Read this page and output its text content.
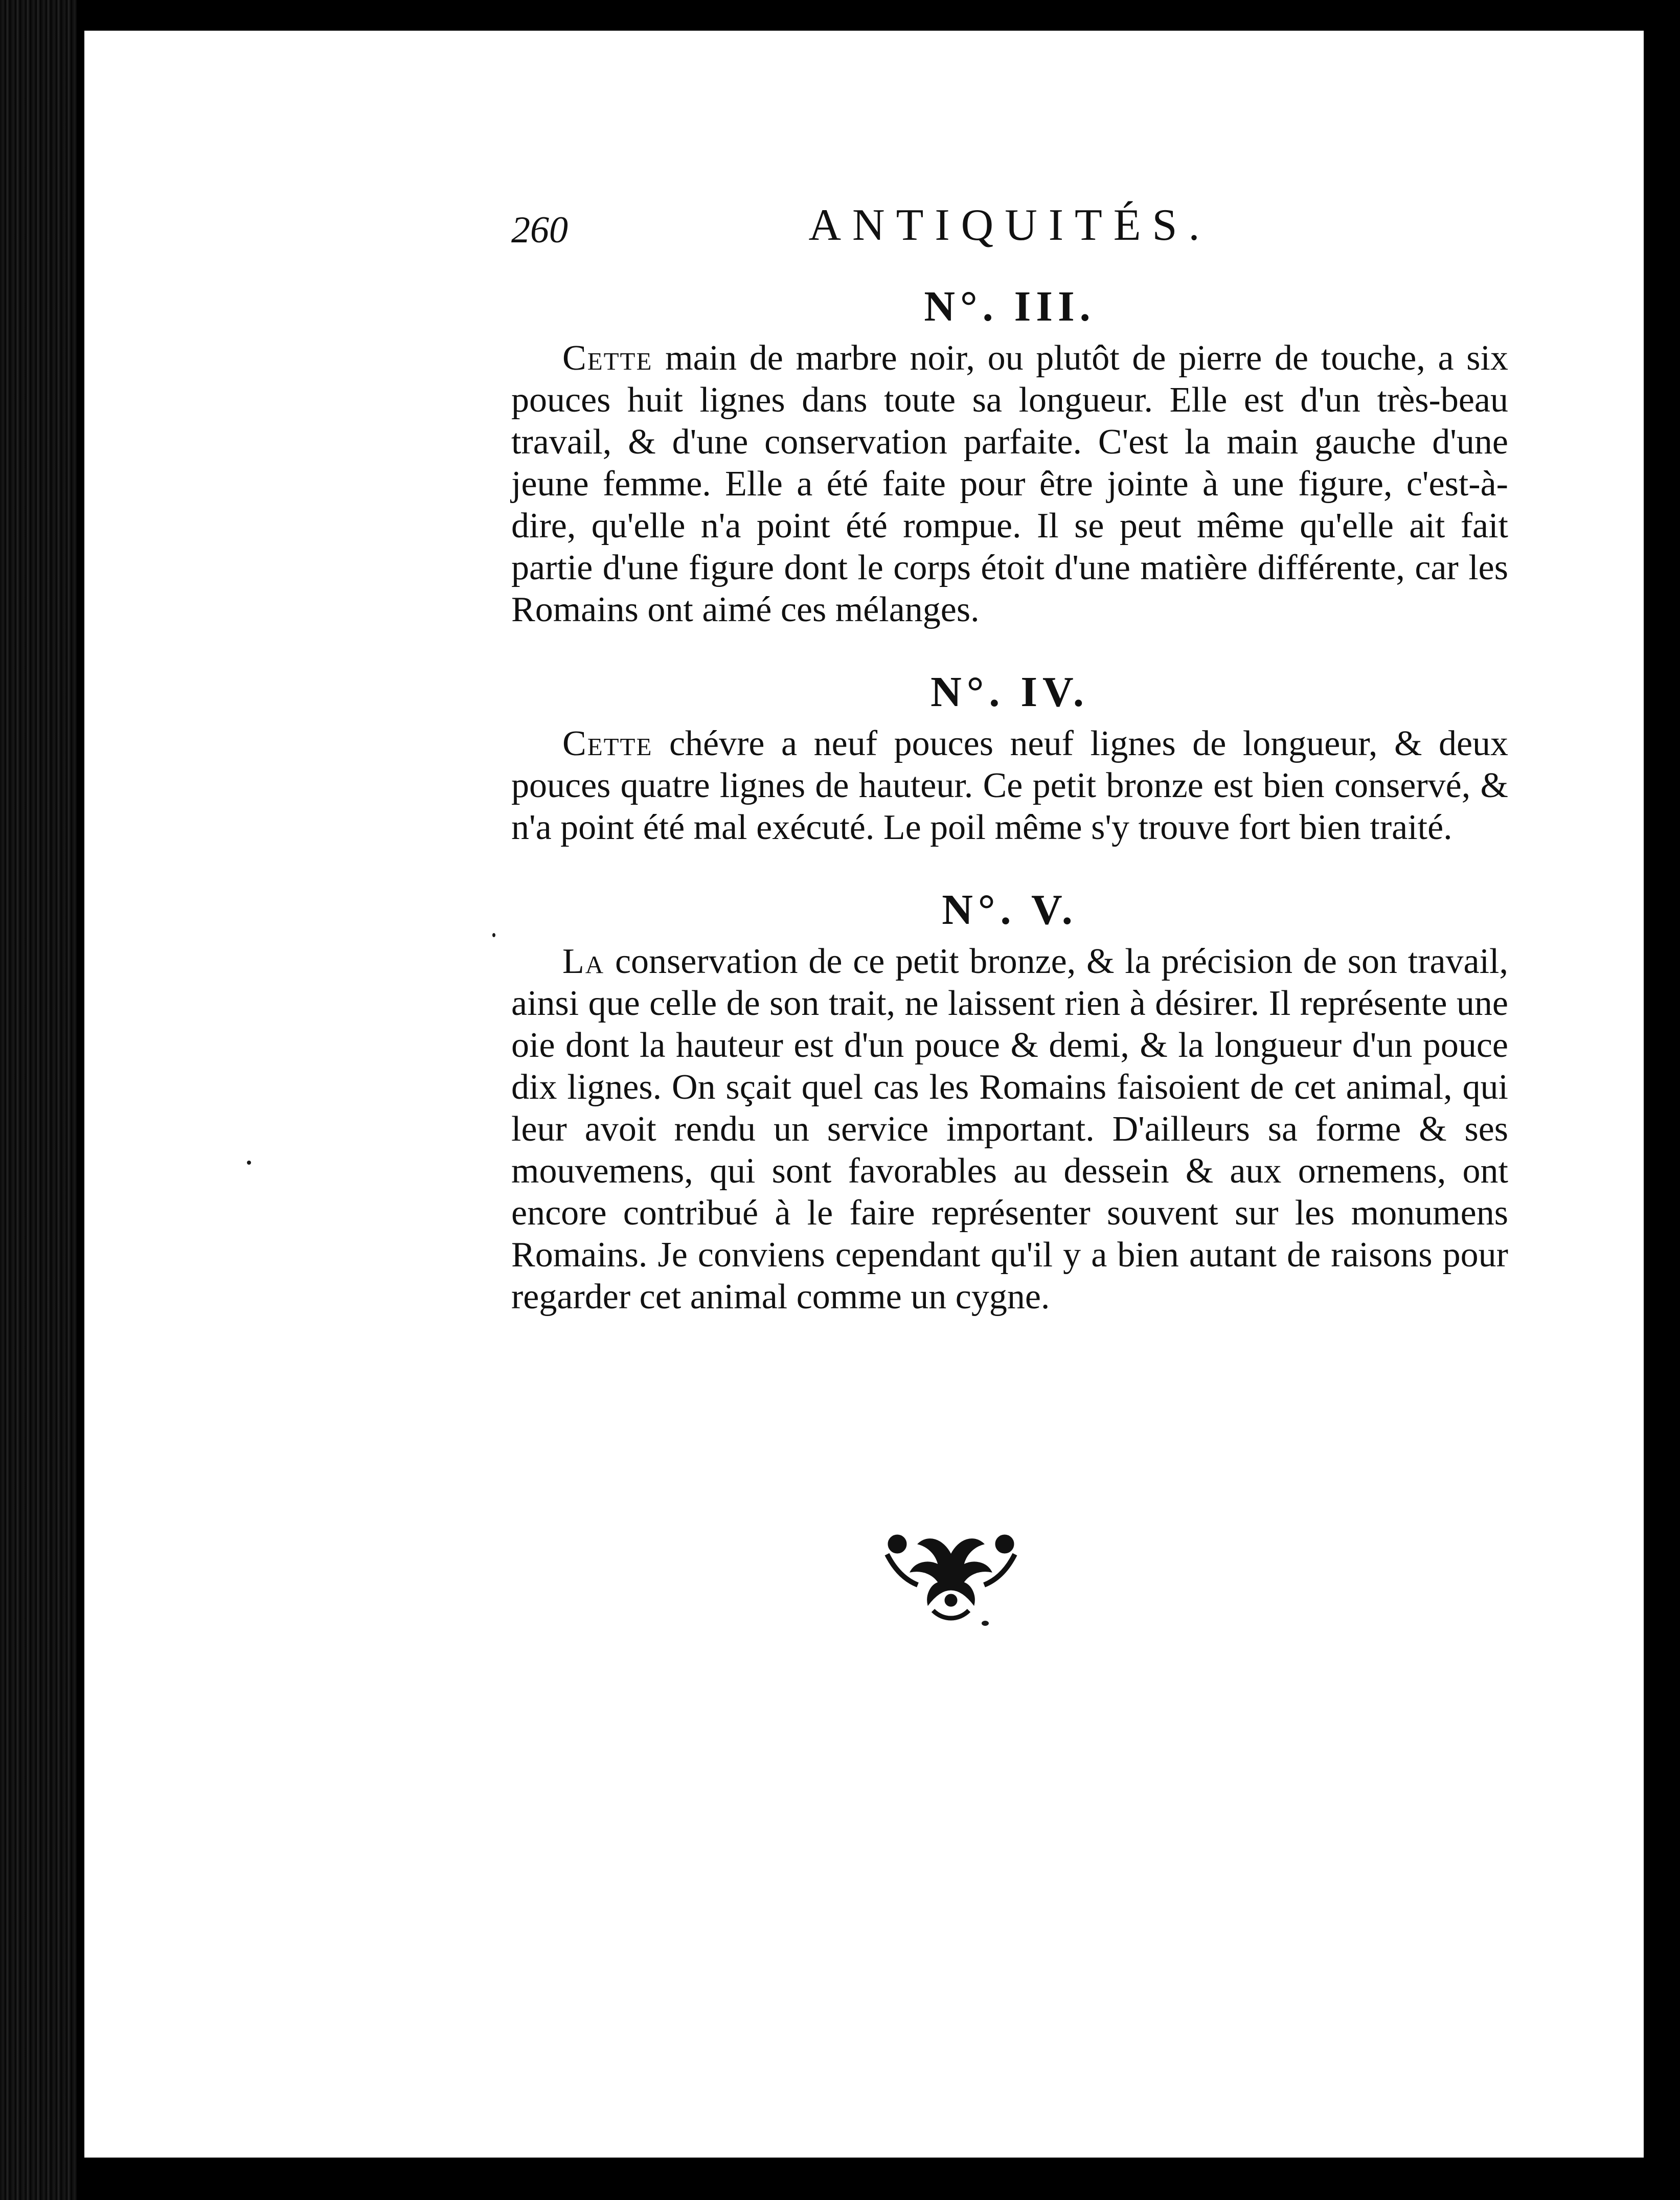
260	ANTIQUITÉS.
N°. III.

Cette main de marbre noir, ou plutôt de pierre de touche, a six pouces huit lignes dans toute sa longueur. Elle est d'un très-beau travail, & d'une conservation parfaite. C'est la main gauche d'une jeune femme. Elle a été faite pour être jointe à une figure, c'est-à-dire, qu'elle n'a point été rompue. Il se peut même qu'elle ait fait partie d'une figure dont le corps étoit d'une matière différente, car les Romains ont aimé ces mélanges.

N°. IV.

Cette chévre a neuf pouces neuf lignes de longueur, & deux pouces quatre lignes de hauteur. Ce petit bronze est bien conservé, & n'a point été mal exécuté. Le poil même s'y trouve fort bien traité.

N°. V.

La conservation de ce petit bronze, & la précision de son travail, ainsi que celle de son trait, ne laissent rien à désirer. Il représente une oie dont la hauteur est d'un pouce & demi, & la longueur d'un pouce dix lignes. On sçait quel cas les Romains faisoient de cet animal, qui leur avoit rendu un service important. D'ailleurs sa forme & ses mouvemens, qui sont favorables au dessein & aux ornemens, ont encore contribué à le faire représenter souvent sur les monumens Romains. Je conviens cependant qu'il y a bien autant de raisons pour regarder cet animal comme un cygne.
